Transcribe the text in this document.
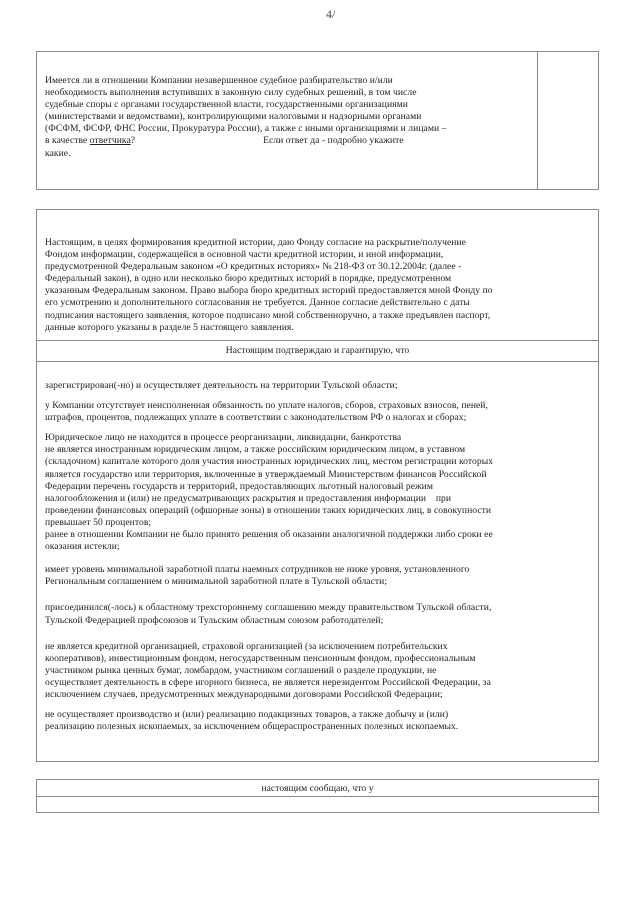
4/

Имеется ли в отношении Компании незавершенное судебное разбирательство и/или

необходимость выполнения вступивших в законную силу судебных решений, в том числе

судебные споры с органами государственной власти, государственными организациями

(министерствами и ведомствами), контролирующими налоговыми и надзорными органами

(ФСФМ, ФСФР, ФНС России, Прокуратура России), а также с иными организациями и лицами –

в качестве ответчика?	Если ответ да - подробно укажите

какие.

Настоящим, в целях формирования кредитной истории, даю Фонду согласие на раскрытие/получение

Фондом информации, содержащейся в основной части кредитной истории, и иной информации,

предусмотренной Федеральным законом «О кредитных историях» № 218-ФЗ от 30.12.2004г. (далее -

Федеральный закон), в одно или несколько бюро кредитных историй в порядке, предусмотренном

указанным Федеральным законом. Право выбора бюро кредитных историй предоставляется мной Фонду по

его усмотрению и дополнительного согласования не требуется. Данное согласие действительно с даты

подписания настоящего заявления, которое подписано мной собственноручно, а также предъявлен паспорт,

данные которого указаны в разделе 5 настоящего заявления.

Настоящим подтверждаю и гарантирую, что

зарегистрирован(-но) и осуществляет деятельность на территории Тульской области;

у Компании отсутствует неисполненная обязанность по уплате налогов, сборов, страховых взносов, пеней,

штрафов, процентов, подлежащих уплате в соответствии с законодательством РФ о налогах и сборах;

Юридическое лицо не находится в процессе реорганизации, ликвидации, банкротства

не является иностранным юридическим лицом, а также российским юридическим лицом, в уставном

(складочном) капитале которого доля участия иностранных юридических лиц, местом регистрации которых

является государство или территория, включенные в утверждаемый Министерством финансов Российской

Федерации перечень государств и территорий, предоставляющих льготный налоговый режим

налогообложения и (или) не предусматривающих раскрытия и предоставления информации    при

проведении финансовых операций (офшорные зоны) в отношении таких юридических лиц, в совокупности

превышает 50 процентов;

ранее в отношении Компании не было принято решения об оказании аналогичной поддержки либо сроки ее

оказания истекли;

имеет уровень минимальной заработной платы наемных сотрудников не ниже уровня, установленного

Региональным соглашением о минимальной заработной плате в Тульской области;

присоединился(-лось) к областному трехстороннему соглашению между правительством Тульской области,

Тульской Федерацией профсоюзов и Тульским областным союзом работодателей;

не является кредитной организацией, страховой организацией (за исключением потребительских

кооперативов), инвестиционным фондом, негосударственным пенсионным фондом, профессиональным

участником рынка ценных бумаг, ломбардом, участником соглашений о разделе продукции, не

осуществляет деятельность в сфере игорного бизнеса, не является нерезидентом Российской Федерации, за

исключением случаев, предусмотренных международными договорами Российской Федерации;

не осуществляет производство и (или) реализацию подакцизных товаров, а также добычу и (или)

реализацию полезных ископаемых, за исключением общераспространенных полезных ископаемых.

настоящим сообщаю, что у
